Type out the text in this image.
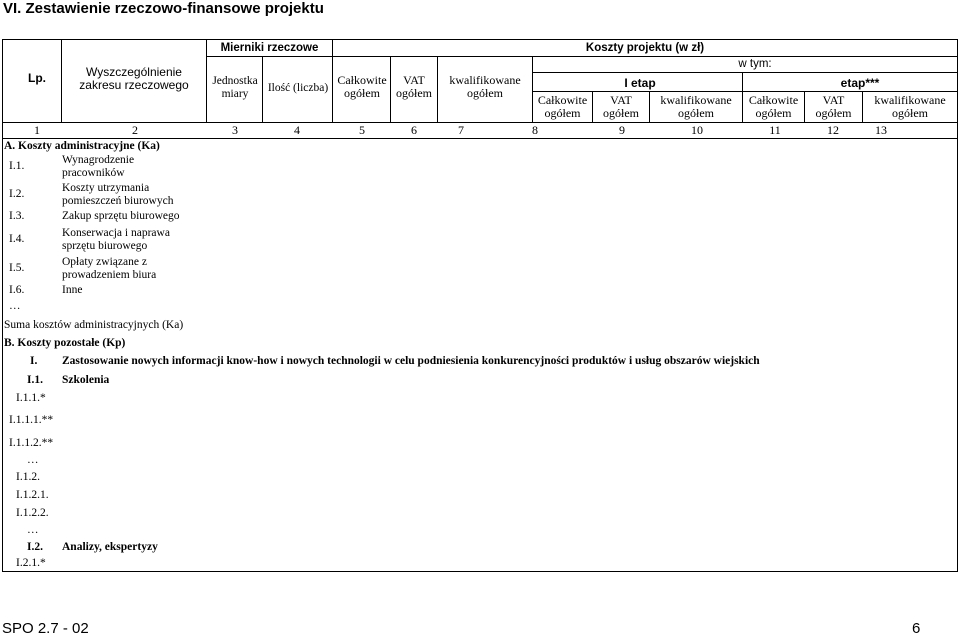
VI. Zestawienie rzeczowo-finansowe projektu
Lp.	Wyszczególnienie zakresu rzeczowego
Mierniki rzeczowe
Jednostka miary	Ilość (liczba)
Całkowite ogółem
VAT ogółem
kwalifikowane ogółem
Koszty projektu (w zł)
w tym:
I etap	etap***
Całkowite ogółem
VAT ogółem
kwalifikowane ogółem
Całkowite ogółem
VAT ogółem
kwalifikowane ogółem
1	2	3	4	5	6	7	8	9	10	11	12	13
A. Koszty administracyjne (Ka)
I.1.	Wynagrodzenie pracowników
I.2.	Koszty utrzymania pomieszczeń biurowych
I.3.	Zakup sprzętu biurowego
I.4.	Konserwacja i naprawa sprzętu biurowego
I.5.	Opłaty związane z prowadzeniem biura
I.6.	Inne
…
Suma kosztów administracyjnych (Ka)
B. Koszty pozostałe (Kp)
I. Zastosowanie nowych informacji know-how i nowych technologii w celu podniesienia konkurencyjności produktów i usług obszarów wiejskich
I.1. Szkolenia
I.1.1.*
I.1.1.1.**
I.1.1.2.**
…
I.1.2.
I.1.2.1.
I.1.2.2.
…
I.2. Analizy, ekspertyzy
I.2.1.*
SPO 2.7 - 02	6
